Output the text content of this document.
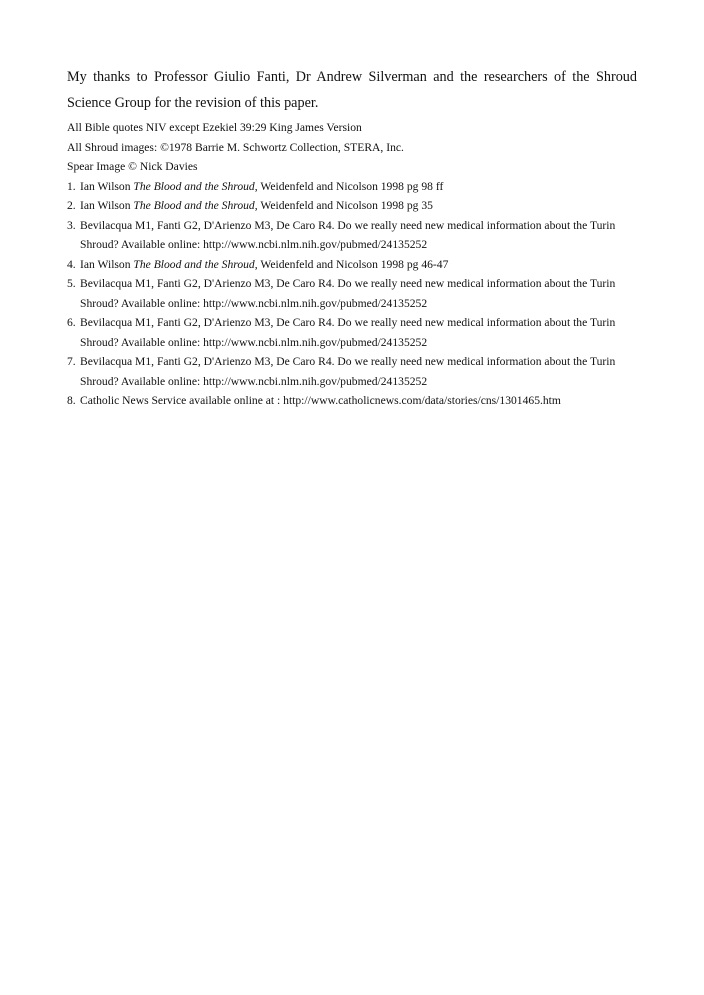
My thanks to Professor Giulio Fanti, Dr Andrew Silverman and the researchers of the Shroud Science Group for the revision of this paper.

All Bible quotes NIV except Ezekiel 39:29 King James Version

All Shroud images: ©1978 Barrie M. Schwortz Collection, STERA, Inc.

Spear Image © Nick Davies

1. Ian Wilson The Blood and the Shroud, Weidenfeld and Nicolson 1998 pg 98 ff
2. Ian Wilson The Blood and the Shroud, Weidenfeld and Nicolson 1998 pg 35
3. Bevilacqua M1, Fanti G2, D'Arienzo M3, De Caro R4. Do we really need new medical information about the Turin Shroud? Available online: http://www.ncbi.nlm.nih.gov/pubmed/24135252
4. Ian Wilson The Blood and the Shroud, Weidenfeld and Nicolson 1998 pg 46-47
5. Bevilacqua M1, Fanti G2, D'Arienzo M3, De Caro R4. Do we really need new medical information about the Turin Shroud? Available online: http://www.ncbi.nlm.nih.gov/pubmed/24135252
6. Bevilacqua M1, Fanti G2, D'Arienzo M3, De Caro R4. Do we really need new medical information about the Turin Shroud? Available online: http://www.ncbi.nlm.nih.gov/pubmed/24135252
7. Bevilacqua M1, Fanti G2, D'Arienzo M3, De Caro R4. Do we really need new medical information about the Turin Shroud? Available online: http://www.ncbi.nlm.nih.gov/pubmed/24135252
8. Catholic News Service available online at : http://www.catholicnews.com/data/stories/cns/1301465.htm
